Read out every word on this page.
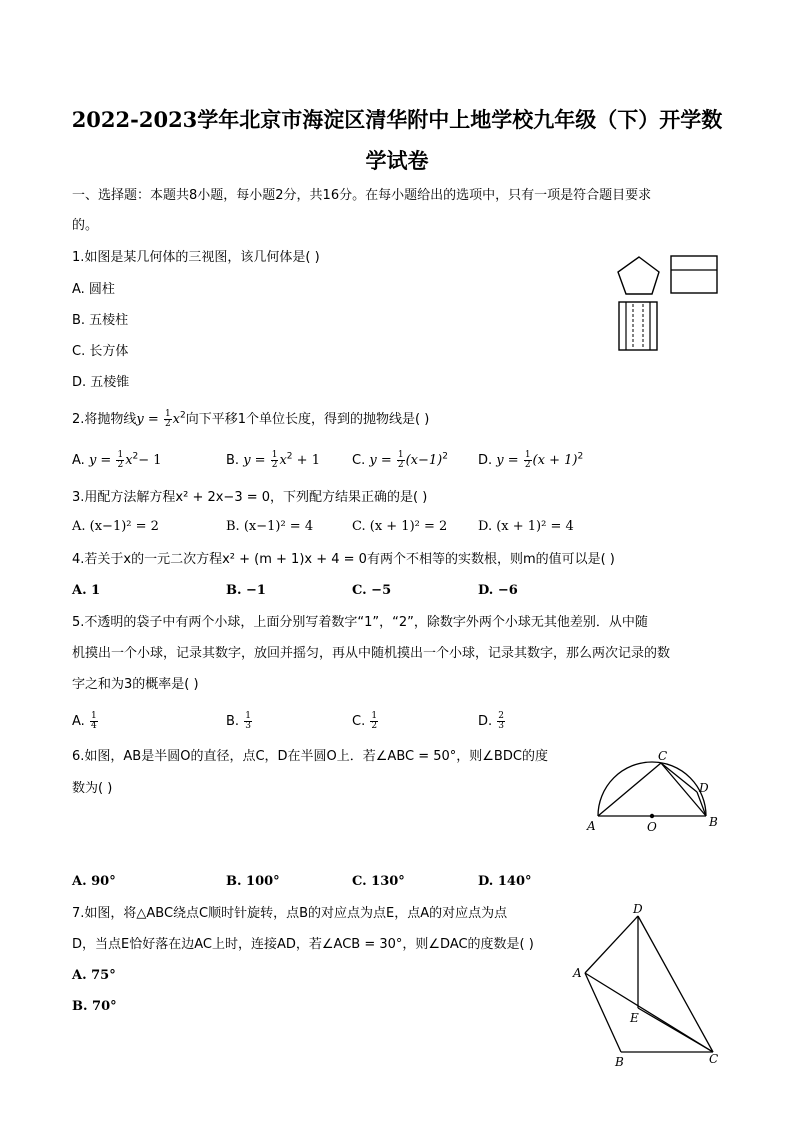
2022-2023学年北京市海淀区清华附中上地学校九年级（下）开学数
学试卷
一、选择题：本题共8小题，每小题2分，共16分。在每小题给出的选项中，只有一项是符合题目要求
的。
1.如图是某几何体的三视图，该几何体是( )
A. 圆柱
B. 五棱柱
C. 长方体
D. 五棱锥
2.将抛物线$y = \frac{1}{2} x^2$向下平移1个单位长度，得到的抛物线是( )
A. $y = \frac{1}{2} x^2- 1$	B. $y = \frac{1}{2} x^2 + 1$ C. $y = \frac{1}{2} (x-1)^2$ D. $y = \frac{1}{2} (x + 1)^2$
3.用配方法解方程x² + 2x−3 = 0，下列配方结果正确的是( )
A. (x−1)² = 2	B. (x−1)² = 4	C. (x + 1)² = 2 D. (x + 1)² = 4
4.若关于x的一元二次方程x² + (m + 1)x + 4 = 0有两个不相等的实数根，则m的值可以是( )
A. 1	B. −1	C. −5	D. −6
5.不透明的袋子中有两个小球，上面分别写着数字“1”，“2”，除数字外两个小球无其他差别．从中随
机摸出一个小球，记录其数字，放回并摇匀，再从中随机摸出一个小球，记录其数字，那么两次记录的数
字之和为3的概率是( )
A. $\frac{1}{4}$	B. $\frac{1}{3}$	C. $\frac{1}{2}$	D. $\frac{2}{3}$
6.如图，AB是半圆O的直径，点C，D在半圆O上．若∠ABC = 50°，则∠BDC的度
数为( )
A	O	B
C
D
A. 90°	B. 100°	C. 130°	D. 140°
7.如图，将△ABC绕点C顺时针旋转，点B的对应点为点E，点A的对应点为点
D，当点E恰好落在边AC上时，连接AD，若∠ACB = 30°，则∠DAC的度数是( )
A. 75°
B. 70°
D
A
E
B	C
